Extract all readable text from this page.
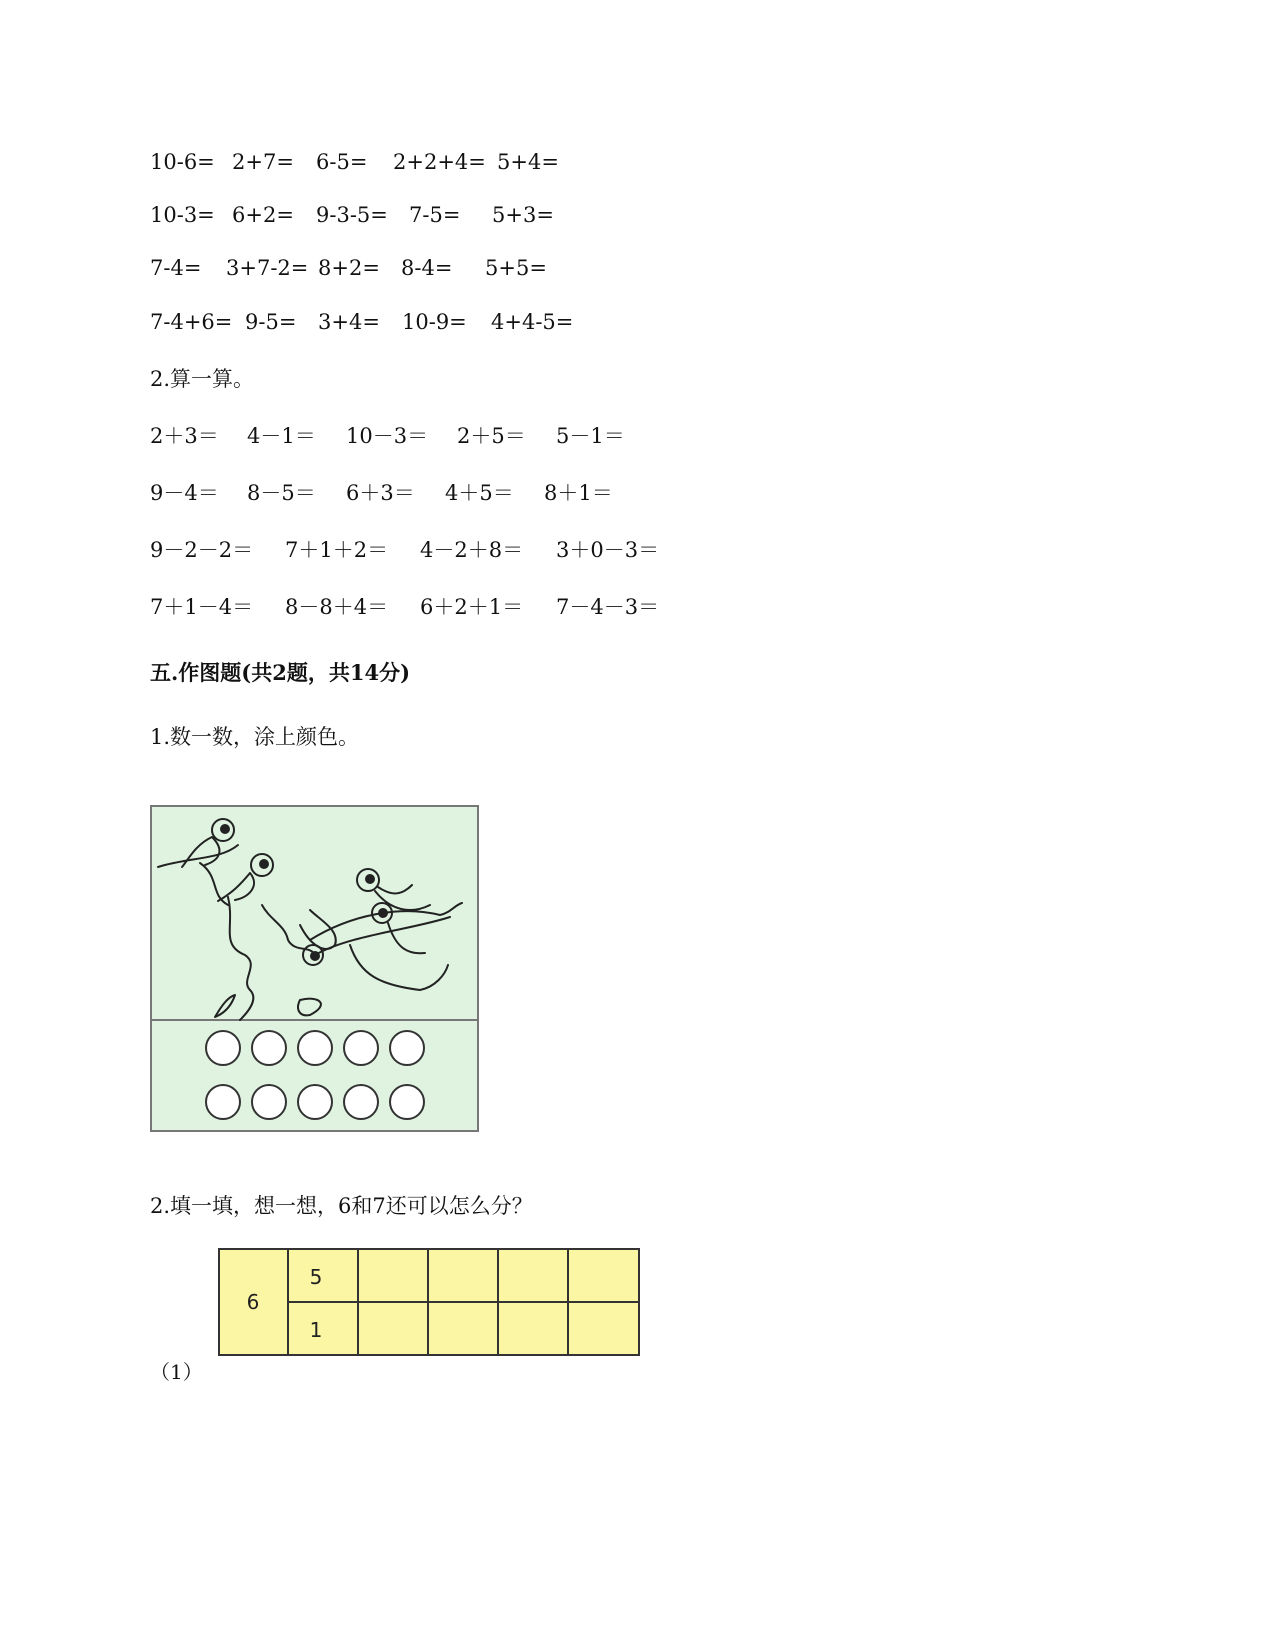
10-6= 2+7= 6-5= 2+2+4= 5+4=
10-3= 6+2= 9-3-5= 7-5= 5+3=
7-4= 3+7-2= 8+2= 8-4= 5+5=
7-4+6= 9-5= 3+4= 10-9= 4+4-5=
2.算一算。
2＋3＝ 4－1＝ 10－3＝ 2＋5＝ 5－1＝
9－4＝ 8－5＝ 6＋3＝ 4＋5＝ 8＋1＝
9－2－2＝ 7＋1＋2＝ 4－2＋8＝ 3＋0－3＝
7＋1－4＝ 8－8＋4＝ 6＋2＋1＝ 7－4－3＝
五.作图题(共2题，共14分)
1.数一数，涂上颜色。
2.填一填，想一想，6和7还可以怎么分？
6
5
1
（1）
